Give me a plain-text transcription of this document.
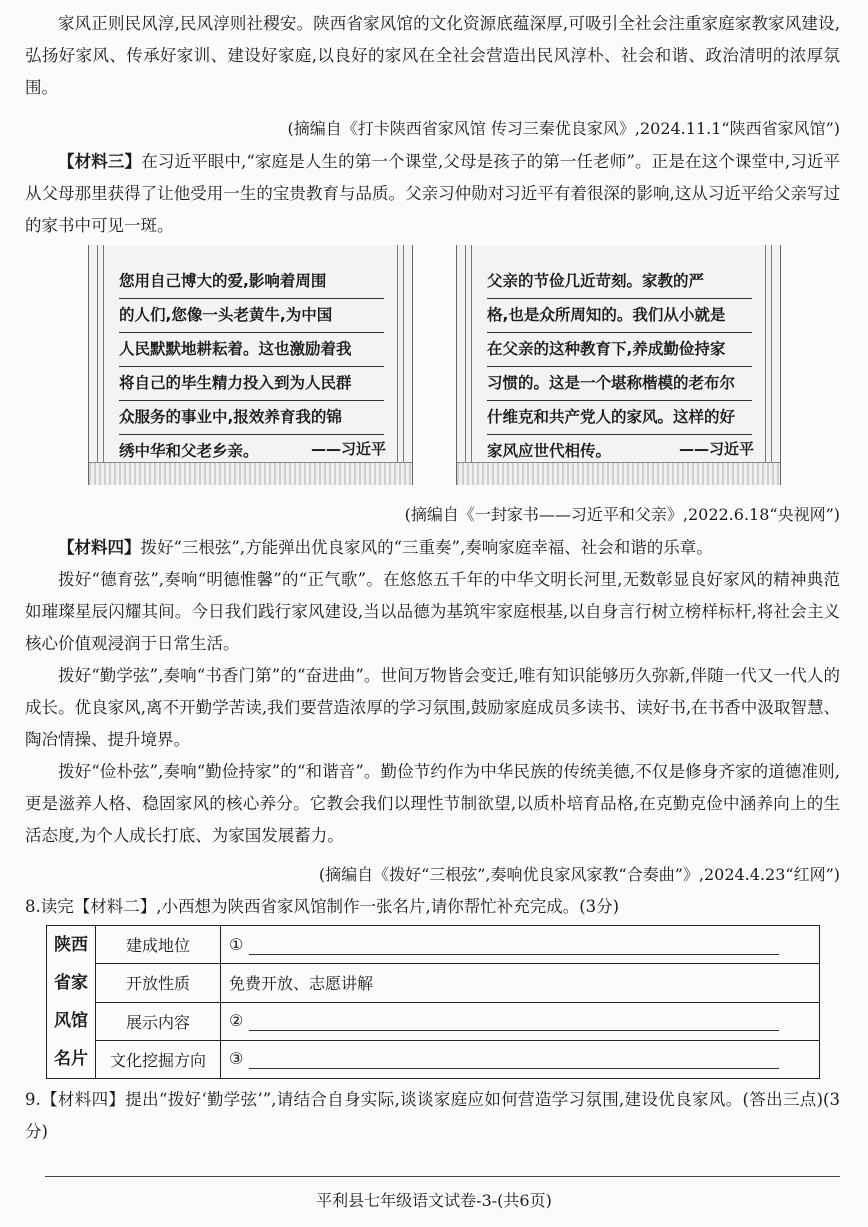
家风正则民风淳,民风淳则社稷安。陕西省家风馆的文化资源底蕴深厚,可吸引全社会注重家庭家教家风建设,弘扬好家风、传承好家训、建设好家庭,以良好的家风在全社会营造出民风淳朴、社会和谐、政治清明的浓厚氛围。

(摘编自《打卡陕西省家风馆 传习三秦优良家风》,2024.11.1“陕西省家风馆”)

【材料三】在习近平眼中,“家庭是人生的第一个课堂,父母是孩子的第一任老师”。正是在这个课堂中,习近平从父母那里获得了让他受用一生的宝贵教育与品质。父亲习仲勋对习近平有着很深的影响,这从习近平给父亲写过的家书中可见一斑。

您用自己博大的爱,影响着周围
的人们,您像一头老黄牛,为中国
人民默默地耕耘着。这也激励着我
将自己的毕生精力投入到为人民群
众服务的事业中,报效养育我的锦
绣中华和父老乡亲。	——习近平
父亲的节俭几近苛刻。家教的严
格,也是众所周知的。我们从小就是
在父亲的这种教育下,养成勤俭持家
习惯的。这是一个堪称楷模的老布尔
什维克和共产党人的家风。这样的好
家风应世代相传。	——习近平
(摘编自《一封家书——习近平和父亲》,2022.6.18“央视网”)

【材料四】拨好“三根弦”,方能弹出优良家风的“三重奏”,奏响家庭幸福、社会和谐的乐章。

拨好“德育弦”,奏响“明德惟馨”的“正气歌”。在悠悠五千年的中华文明长河里,无数彰显良好家风的精神典范如璀璨星辰闪耀其间。今日我们践行家风建设,当以品德为基筑牢家庭根基,以自身言行树立榜样标杆,将社会主义核心价值观浸润于日常生活。

拨好“勤学弦”,奏响“书香门第”的“奋进曲”。世间万物皆会变迁,唯有知识能够历久弥新,伴随一代又一代人的成长。优良家风,离不开勤学苦读,我们要营造浓厚的学习氛围,鼓励家庭成员多读书、读好书,在书香中汲取智慧、陶冶情操、提升境界。

拨好“俭朴弦”,奏响“勤俭持家”的“和谐音”。勤俭节约作为中华民族的传统美德,不仅是修身齐家的道德准则,更是滋养人格、稳固家风的核心养分。它教会我们以理性节制欲望,以质朴培育品格,在克勤克俭中涵养向上的生活态度,为个人成长打底、为家国发展蓄力。

(摘编自《拨好“三根弦”,奏响优良家风家教“合奏曲”》,2024.4.23“红网”)

8.读完【材料二】,小西想为陕西省家风馆制作一张名片,请你帮忙补充完成。(3分)

陕西
省家
风馆
名片	建成地位	①
	开放性质	免费开放、志愿讲解
	展示内容	②
	文化挖掘方向	③

9.【材料四】提出“拨好‘勤学弦’”,请结合自身实际,谈谈家庭应如何营造学习氛围,建设优良家风。(答出三点)(3分)

平利县七年级语文试卷-3-(共6页)
